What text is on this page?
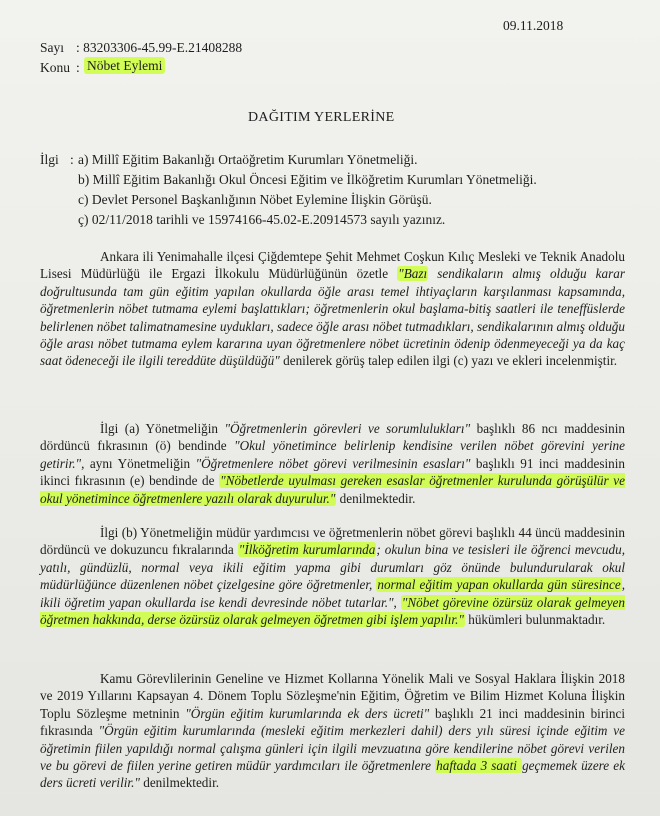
09.11.2018
Sayı : 83203306-45.99-E.21408288
Konu : Nöbet Eylemi
DAĞITIM YERLERİNE
İlgi : a) Millî Eğitim Bakanlığı Ortaöğretim Kurumları Yönetmeliği.
b) Millî Eğitim Bakanlığı Okul Öncesi Eğitim ve İlköğretim Kurumları Yönetmeliği.
c) Devlet Personel Başkanlığının Nöbet Eylemine İlişkin Görüşü.
ç) 02/11/2018 tarihli ve 15974166-45.02-E.20914573 sayılı yazınız.

Ankara ili Yenimahalle ilçesi Çiğdemtepe Şehit Mehmet Coşkun Kılıç Mesleki ve Teknik Anadolu Lisesi Müdürlüğü ile Ergazi İlkokulu Müdürlüğünün özetle "Bazı sendikaların almış olduğu karar doğrultusunda tam gün eğitim yapılan okullarda öğle arası temel ihtiyaçların karşılanması kapsamında, öğretmenlerin nöbet tutmama eylemi başlattıkları; öğretmenlerin okul başlama-bitiş saatleri ile teneffüslerde belirlenen nöbet talimatnamesine uydukları, sadece öğle arası nöbet tutmadıkları, sendikalarının almış olduğu öğle arası nöbet tutmama eylem kararına uyan öğretmenlere nöbet ücretinin ödenip ödenmeyeceği ya da kaç saat ödeneceği ile ilgili tereddüte düşüldüğü" denilerek görüş talep edilen ilgi (c) yazı ve ekleri incelenmiştir.

İlgi (a) Yönetmeliğin "Öğretmenlerin görevleri ve sorumlulukları" başlıklı 86 ncı maddesinin dördüncü fıkrasının (ö) bendinde "Okul yönetimince belirlenip kendisine verilen nöbet görevini yerine getirir.", aynı Yönetmeliğin "Öğretmenlere nöbet görevi verilmesinin esasları" başlıklı 91 inci maddesinin ikinci fıkrasının (e) bendinde de "Nöbetlerde uyulması gereken esaslar öğretmenler kurulunda görüşülür ve okul yönetimince öğretmenlere yazılı olarak duyurulur." denilmektedir.

İlgi (b) Yönetmeliğin müdür yardımcısı ve öğretmenlerin nöbet görevi başlıklı 44 üncü maddesinin dördüncü ve dokuzuncu fıkralarında "İlköğretim kurumlarında; okulun bina ve tesisleri ile öğrenci mevcudu, yatılı, gündüzlü, normal veya ikili eğitim yapma gibi durumları göz önünde bulundurularak okul müdürlüğünce düzenlenen nöbet çizelgesine göre öğretmenler, normal eğitim yapan okullarda gün süresince, ikili öğretim yapan okullarda ise kendi devresinde nöbet tutarlar.", "Nöbet görevine özürsüz olarak gelmeyen öğretmen hakkında, derse özürsüz olarak gelmeyen öğretmen gibi işlem yapılır." hükümleri bulunmaktadır.

Kamu Görevlilerinin Geneline ve Hizmet Kollarına Yönelik Mali ve Sosyal Haklara İlişkin 2018 ve 2019 Yıllarını Kapsayan 4. Dönem Toplu Sözleşme'nin Eğitim, Öğretim ve Bilim Hizmet Koluna İlişkin Toplu Sözleşme metninin "Örgün eğitim kurumlarında ek ders ücreti" başlıklı 21 inci maddesinin birinci fıkrasında "Örgün eğitim kurumlarında (mesleki eğitim merkezleri dahil) ders yılı süresi içinde eğitim ve öğretimin fiilen yapıldığı normal çalışma günleri için ilgili mevzuatına göre kendilerine nöbet görevi verilen ve bu görevi de fiilen yerine getiren müdür yardımcıları ile öğretmenlere haftada 3 saati geçmemek üzere ek ders ücreti verilir." denilmektedir.
